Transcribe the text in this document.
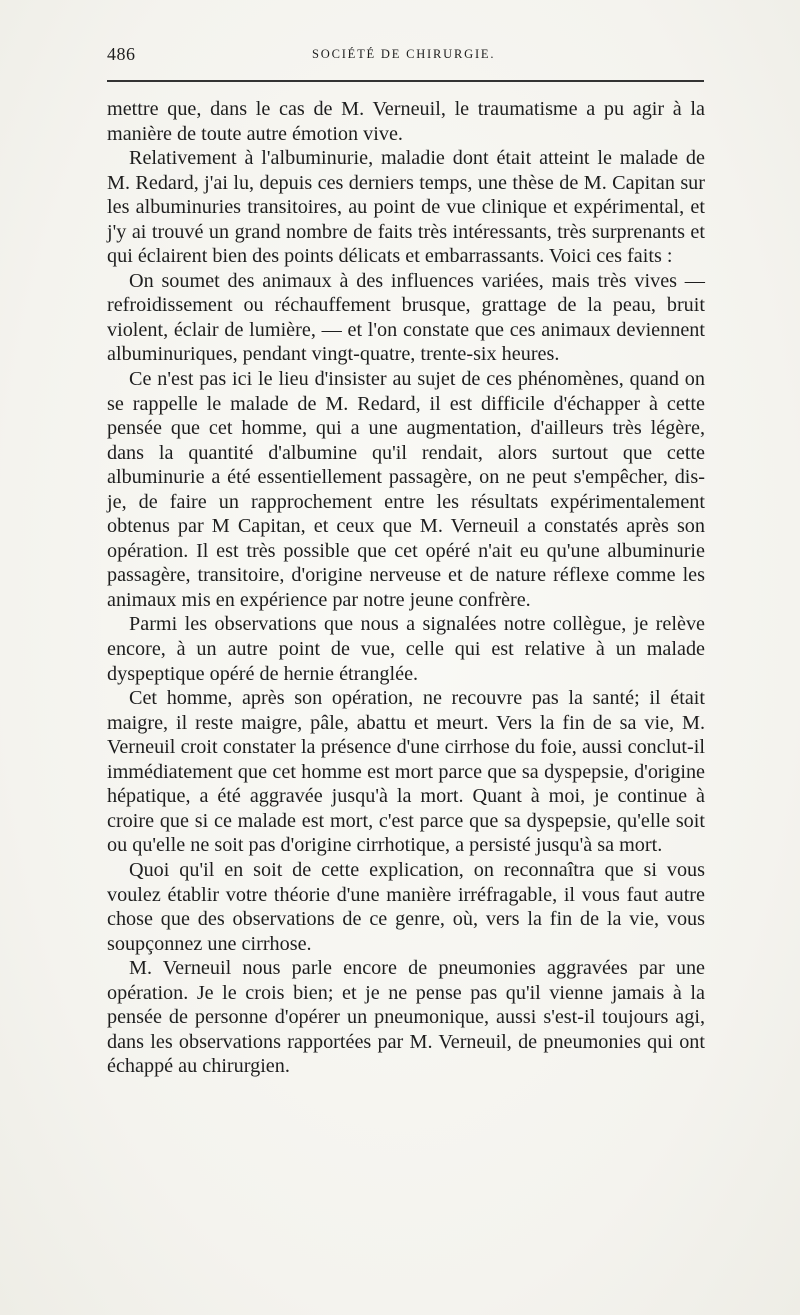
486	SOCIÉTÉ DE CHIRURGIE.

mettre que, dans le cas de M. Verneuil, le traumatisme a pu agir à la manière de toute autre émotion vive.

Relativement à l'albuminurie, maladie dont était atteint le malade de M. Redard, j'ai lu, depuis ces derniers temps, une thèse de M. Capitan sur les albuminuries transitoires, au point de vue clinique et expérimental, et j'y ai trouvé un grand nombre de faits très intéressants, très surprenants et qui éclairent bien des points délicats et embarrassants. Voici ces faits :

On soumet des animaux à des influences variées, mais très vives — refroidissement ou réchauffement brusque, grattage de la peau, bruit violent, éclair de lumière, — et l'on constate que ces animaux deviennent albuminuriques, pendant vingt-quatre, trente-six heures.

Ce n'est pas ici le lieu d'insister au sujet de ces phénomènes, quand on se rappelle le malade de M. Redard, il est difficile d'échapper à cette pensée que cet homme, qui a une augmentation, d'ailleurs très légère, dans la quantité d'albumine qu'il rendait, alors surtout que cette albuminurie a été essentiellement passagère, on ne peut s'empêcher, dis-je, de faire un rapprochement entre les résultats expérimentalement obtenus par M Capitan, et ceux que M. Verneuil a constatés après son opération. Il est très possible que cet opéré n'ait eu qu'une albuminurie passagère, transitoire, d'origine nerveuse et de nature réflexe comme les animaux mis en expérience par notre jeune confrère.

Parmi les observations que nous a signalées notre collègue, je relève encore, à un autre point de vue, celle qui est relative à un malade dyspeptique opéré de hernie étranglée.

Cet homme, après son opération, ne recouvre pas la santé; il était maigre, il reste maigre, pâle, abattu et meurt. Vers la fin de sa vie, M. Verneuil croit constater la présence d'une cirrhose du foie, aussi conclut-il immédiatement que cet homme est mort parce que sa dyspepsie, d'origine hépatique, a été aggravée jusqu'à la mort. Quant à moi, je continue à croire que si ce malade est mort, c'est parce que sa dyspepsie, qu'elle soit ou qu'elle ne soit pas d'origine cirrhotique, a persisté jusqu'à sa mort.

Quoi qu'il en soit de cette explication, on reconnaîtra que si vous voulez établir votre théorie d'une manière irréfragable, il vous faut autre chose que des observations de ce genre, où, vers la fin de la vie, vous soupçonnez une cirrhose.

M. Verneuil nous parle encore de pneumonies aggravées par une opération. Je le crois bien; et je ne pense pas qu'il vienne jamais à la pensée de personne d'opérer un pneumonique, aussi s'est-il toujours agi, dans les observations rapportées par M. Verneuil, de pneumonies qui ont échappé au chirurgien.
